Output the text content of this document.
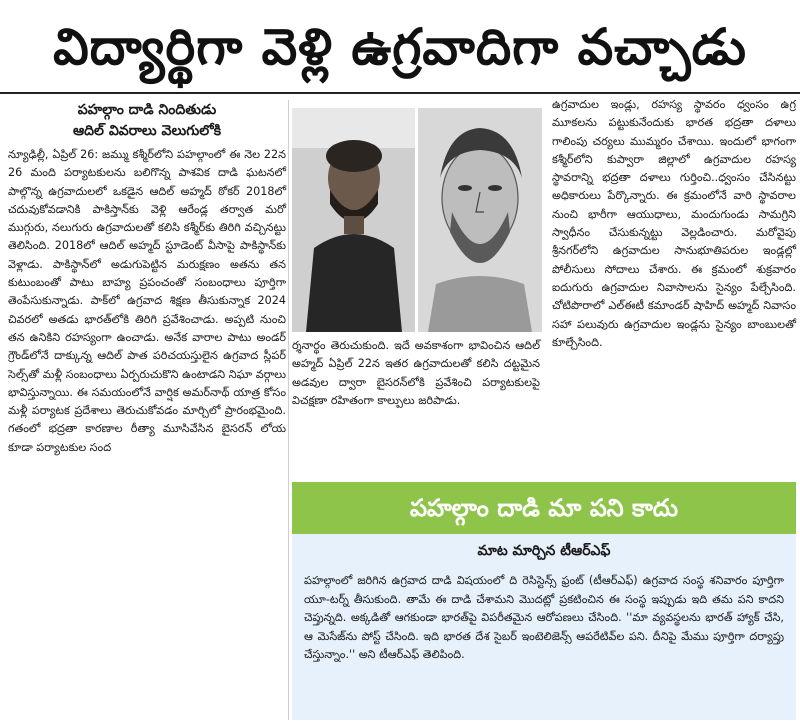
విద్యార్థిగా వెళ్లి ఉగ్రవాదిగా వచ్చాడు
పహల్గాం దాడి నిందితుడు
ఆదిల్ వివరాలు వెలుగులోకి

న్యూఢిల్లీ, ఏప్రిల్ 26: జమ్ము కశ్మీర్‌లోని పహల్గాంలో ఈ నెల 22న 26 మంది పర్యాటకులను బలిగొన్న పాశవిక దాడి ఘటనలో పాల్గొన్న ఉగ్రవాదులలో ఒకడైన ఆదిల్ అహ్మద్ ఠోకర్ 2018లో చదువుకోవడానికి పాకిస్తాన్‌కు వెళ్లి ఆరేండ్ల తర్వాత మరో ముగ్గురు, నలుగురు ఉగ్రవాదులతో కలిసి కశ్మీర్‌కు తిరిగి వచ్చినట్టు తెలిసింది. 2018లో ఆదిల్ అహ్మద్ స్టూడెంట్ వీసాపై పాకిస్థాన్‌కు వెళ్లాడు. పాకిస్థాన్‌లో అడుగుపెట్టిన మరుక్షణం అతను తన కుటుంబంతో పాటు బాహ్య ప్రపంచంతో సంబంధాలు పూర్తిగా తెంపేసుకున్నాడు. పాక్‌లో ఉగ్రవాద శిక్షణ తీసుకున్నాక 2024 చివరలో అతడు భారత్‌లోకి తిరిగి ప్రవేశించాడు. అప్పటి నుంచి తన ఉనికిని రహస్యంగా ఉంచాడు. అనేక వారాల పాటు అండర్ గ్రౌండ్‌లోనే దాక్కున్న ఆదిల్ పాత పరిచయస్తులైన ఉగ్రవాద స్లీపర్ సెల్స్‌తో మళ్లీ సంబంధాలు ఏర్పరుచుకొని ఉంటాడని నిఘా వర్గాలు భావిస్తున్నాయి. ఈ సమయంలోనే వార్షిక అమర్‌నాథ్ యాత్ర కోసం మళ్లీ పర్యాటక ప్రదేశాలు తెరుచుకోవడం మార్చిలో ప్రారంభమైంది. గతంలో భద్రతా కారణాల రీత్యా మూసివేసిన బైసరన్ లోయ కూడా పర్యాటకుల సంద

ర్శనార్థం తెరుచుకుంది. ఇదే అవకాశంగా భావించిన ఆదిల్ అహ్మద్ ఏప్రిల్ 22న ఇతర ఉగ్రవాదులతో కలిసి దట్టమైన అడవుల ద్వారా బైసరన్‌లోకి ప్రవేశించి పర్యాటకులపై విచక్షణా రహితంగా కాల్పులు జరిపాడు.

ఉగ్రవాదుల ఇండ్లు, రహస్య స్థావరం ధ్వంసం ఉగ్ర మూకలను పట్టుకునేందుకు భారత భద్రతా దళాలు గాలింపు చర్యలు ముమ్మరం చేశాయి. ఇందులో భాగంగా కశ్మీర్‌లోని కుప్వారా జిల్లాలో ఉగ్రవాదుల రహస్య స్థావరాన్ని భద్రతా దళాలు గుర్తించి..ధ్వంసం చేసినట్టు అధికారులు పేర్కొన్నారు. ఈ క్రమంలోనే వారి స్థావరాల నుంచి భారీగా ఆయుధాలు, మందుగుండు సామగ్రిని స్వాధీనం చేసుకున్నట్టు వెల్లడించారు. మరోవైపు శ్రీనగర్‌లోని ఉగ్రవాదుల సానుభూతిపరుల ఇండ్లల్లో పోలీసులు సోదాలు చేశారు. ఈ క్రమంలో శుక్రవారం ఐదుగురు ఉగ్రవాదుల నివాసాలను సైన్యం పేల్చేసింది. చోటిపొరాలో ఎల్‌ఈటీ కమాండర్ షాహిద్ అహ్మద్ నివాసం సహా పలువురు ఉగ్రవాదుల ఇండ్లను సైన్యం బాంబులతో కూల్చేసింది.

పహల్గాం దాడి మా పని కాదు
మాట మార్చిన టీఆర్‌ఎఫ్
పహల్గాంలో జరిగిన ఉగ్రవాద దాడి విషయంలో ది రెసిస్టెన్స్ ఫ్రంట్ (టీఆర్‌ఎఫ్) ఉగ్రవాద సంస్థ శనివారం పూర్తిగా యూ-టర్న్ తీసుకుంది. తామే ఈ దాడి చేశామని మొదట్లో ప్రకటించిన ఈ సంస్థ ఇప్పుడు ఇది తమ పని కాదని చెప్తున్నది. అక్కడితో ఆగకుండా భారత్‌పై విపరీతమైన ఆరోపణలు చేసింది. ''మా వ్యవస్థలను భారత్ హ్యాక్ చేసి, ఆ మెసేజ్‌ను పోస్ట్ చేసింది. ఇది భారత దేశ సైబర్ ఇంటెలిజెన్స్ ఆపరేటివ్‌ల పని. దీనిపై మేము పూర్తిగా దర్యాప్తు చేస్తున్నాం.'' అని టీఆర్‌ఎఫ్ తెలిపింది.
